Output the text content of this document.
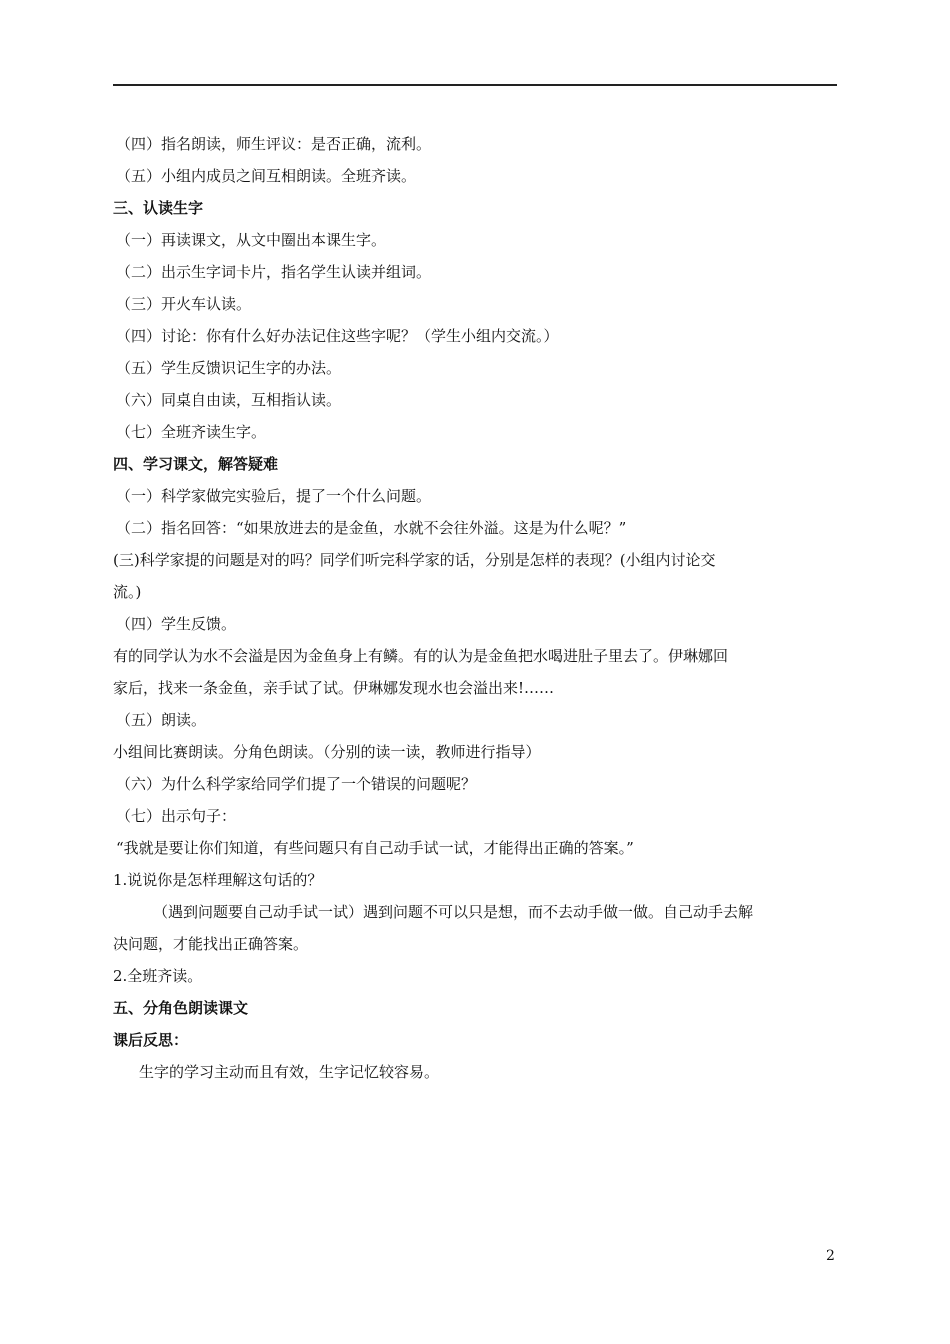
（四）指名朗读，师生评议：是否正确，流利。
（五）小组内成员之间互相朗读。全班齐读。
三、认读生字
（一）再读课文，从文中圈出本课生字。
（二）出示生字词卡片，指名学生认读并组词。
（三）开火车认读。
（四）讨论：你有什么好办法记住这些字呢？（学生小组内交流。）
（五）学生反馈识记生字的办法。
（六）同桌自由读，互相指认读。
（七）全班齐读生字。
四、学习课文，解答疑难
（一）科学家做完实验后，提了一个什么问题。
（二）指名回答：“如果放进去的是金鱼，水就不会往外溢。这是为什么呢？”
(三)科学家提的问题是对的吗？同学们听完科学家的话，分别是怎样的表现？(小组内讨论交
流。)
（四）学生反馈。
有的同学认为水不会溢是因为金鱼身上有鳞。有的认为是金鱼把水喝进肚子里去了。伊琳娜回
家后，找来一条金鱼，亲手试了试。伊琳娜发现水也会溢出来!……
（五）朗读。
小组间比赛朗读。分角色朗读。（分别的读一读，教师进行指导）
（六）为什么科学家给同学们提了一个错误的问题呢？
（七）出示句子：
“我就是要让你们知道，有些问题只有自己动手试一试，才能得出正确的答案。”
1.说说你是怎样理解这句话的？
（遇到问题要自己动手试一试）遇到问题不可以只是想，而不去动手做一做。自己动手去解
决问题，才能找出正确答案。
2.全班齐读。
五、分角色朗读课文
课后反思：
生字的学习主动而且有效，生字记忆较容易。
2
